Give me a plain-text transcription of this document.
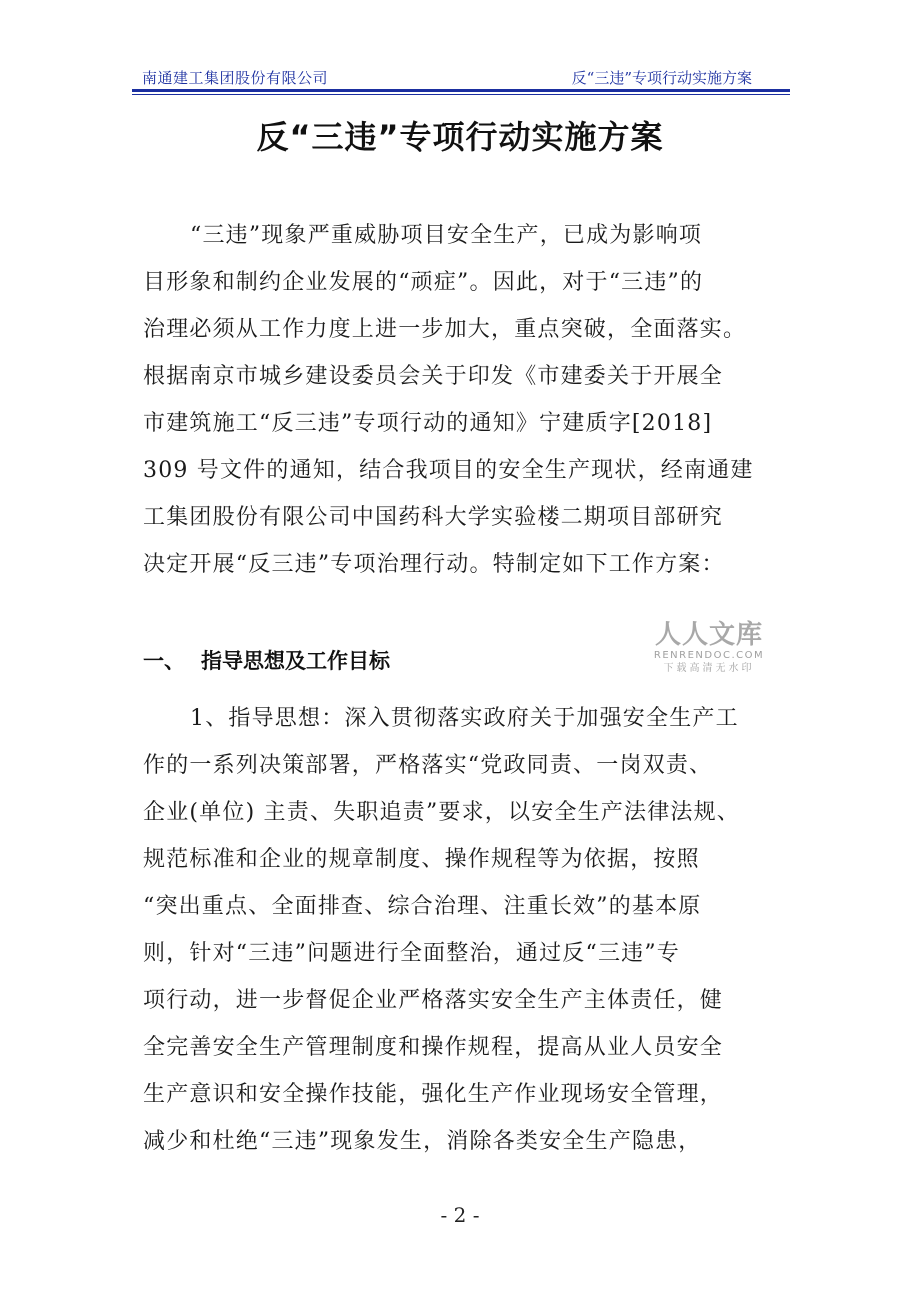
南通建工集团股份有限公司	反“三违”专项行动实施方案
反“三违”专项行动实施方案
“三违”现象严重威胁项目安全生产，已成为影响项
目形象和制约企业发展的“顽症”。因此，对于“三违”的
治理必须从工作力度上进一步加大，重点突破，全面落实。
根据南京市城乡建设委员会关于印发《市建委关于开展全
市建筑施工“反三违”专项行动的通知》宁建质字[2018]
309 号文件的通知，结合我项目的安全生产现状，经南通建
工集团股份有限公司中国药科大学实验楼二期项目部研究
决定开展“反三违”专项治理行动。特制定如下工作方案：
人人文库
RENRENDOC.COM
下载高清无水印
一、 指导思想及工作目标
1、指导思想：深入贯彻落实政府关于加强安全生产工
作的一系列决策部署，严格落实“党政同责、一岗双责、
企业(单位) 主责、失职追责”要求，以安全生产法律法规、
规范标准和企业的规章制度、操作规程等为依据，按照
“突出重点、全面排查、综合治理、注重长效”的基本原
则，针对“三违”问题进行全面整治，通过反“三违”专
项行动，进一步督促企业严格落实安全生产主体责任，健
全完善安全生产管理制度和操作规程，提高从业人员安全
生产意识和安全操作技能，强化生产作业现场安全管理，
减少和杜绝“三违”现象发生，消除各类安全生产隐患，
- 2 -
